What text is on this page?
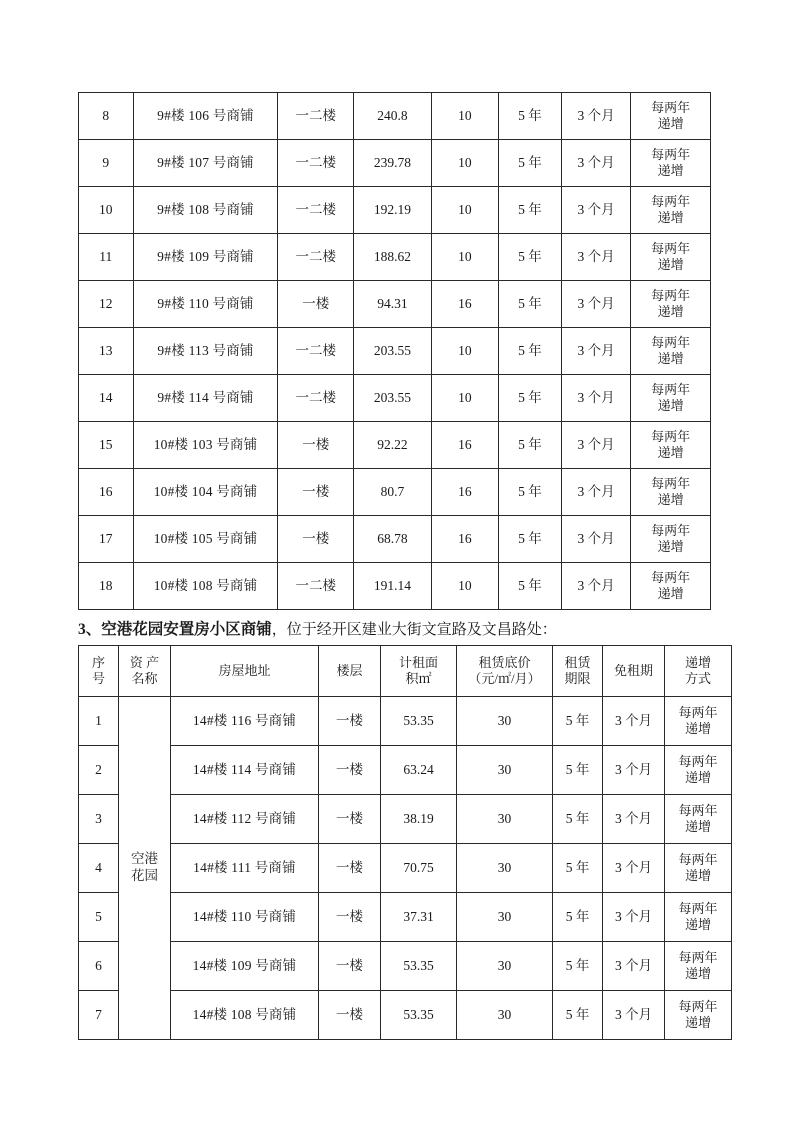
8	9#楼 106 号商铺	一二楼	240.8	10	5 年	3 个月	每两年
递增
9	9#楼 107 号商铺	一二楼	239.78	10	5 年	3 个月	每两年
递增
10	9#楼 108 号商铺	一二楼	192.19	10	5 年	3 个月	每两年
递增
11	9#楼 109 号商铺	一二楼	188.62	10	5 年	3 个月	每两年
递增
12	9#楼 110 号商铺	一楼	94.31	16	5 年	3 个月	每两年
递增
13	9#楼 113 号商铺	一二楼	203.55	10	5 年	3 个月	每两年
递增
14	9#楼 114 号商铺	一二楼	203.55	10	5 年	3 个月	每两年
递增
15	10#楼 103 号商铺	一楼	92.22	16	5 年	3 个月	每两年
递增
16	10#楼 104 号商铺	一楼	80.7	16	5 年	3 个月	每两年
递增
17	10#楼 105 号商铺	一楼	68.78	16	5 年	3 个月	每两年
递增
18	10#楼 108 号商铺	一二楼	191.14	10	5 年	3 个月	每两年
递增
3、空港花园安置房小区商铺，位于经开区建业大街文宣路及文昌路处：
序
号	资 产
名称	房屋地址	楼层	计租面
积㎡	租赁底价
（元/㎡/月）	租赁
期限	免租期	递增
方式
1	空港
花园	14#楼 116 号商铺	一楼	53.35	30	5 年	3 个月	每两年
递增
2		14#楼 114 号商铺	一楼	63.24	30	5 年	3 个月	每两年
递增
3		14#楼 112 号商铺	一楼	38.19	30	5 年	3 个月	每两年
递增
4		14#楼 111 号商铺	一楼	70.75	30	5 年	3 个月	每两年
递增
5		14#楼 110 号商铺	一楼	37.31	30	5 年	3 个月	每两年
递增
6		14#楼 109 号商铺	一楼	53.35	30	5 年	3 个月	每两年
递增
7		14#楼 108 号商铺	一楼	53.35	30	5 年	3 个月	每两年
递增
